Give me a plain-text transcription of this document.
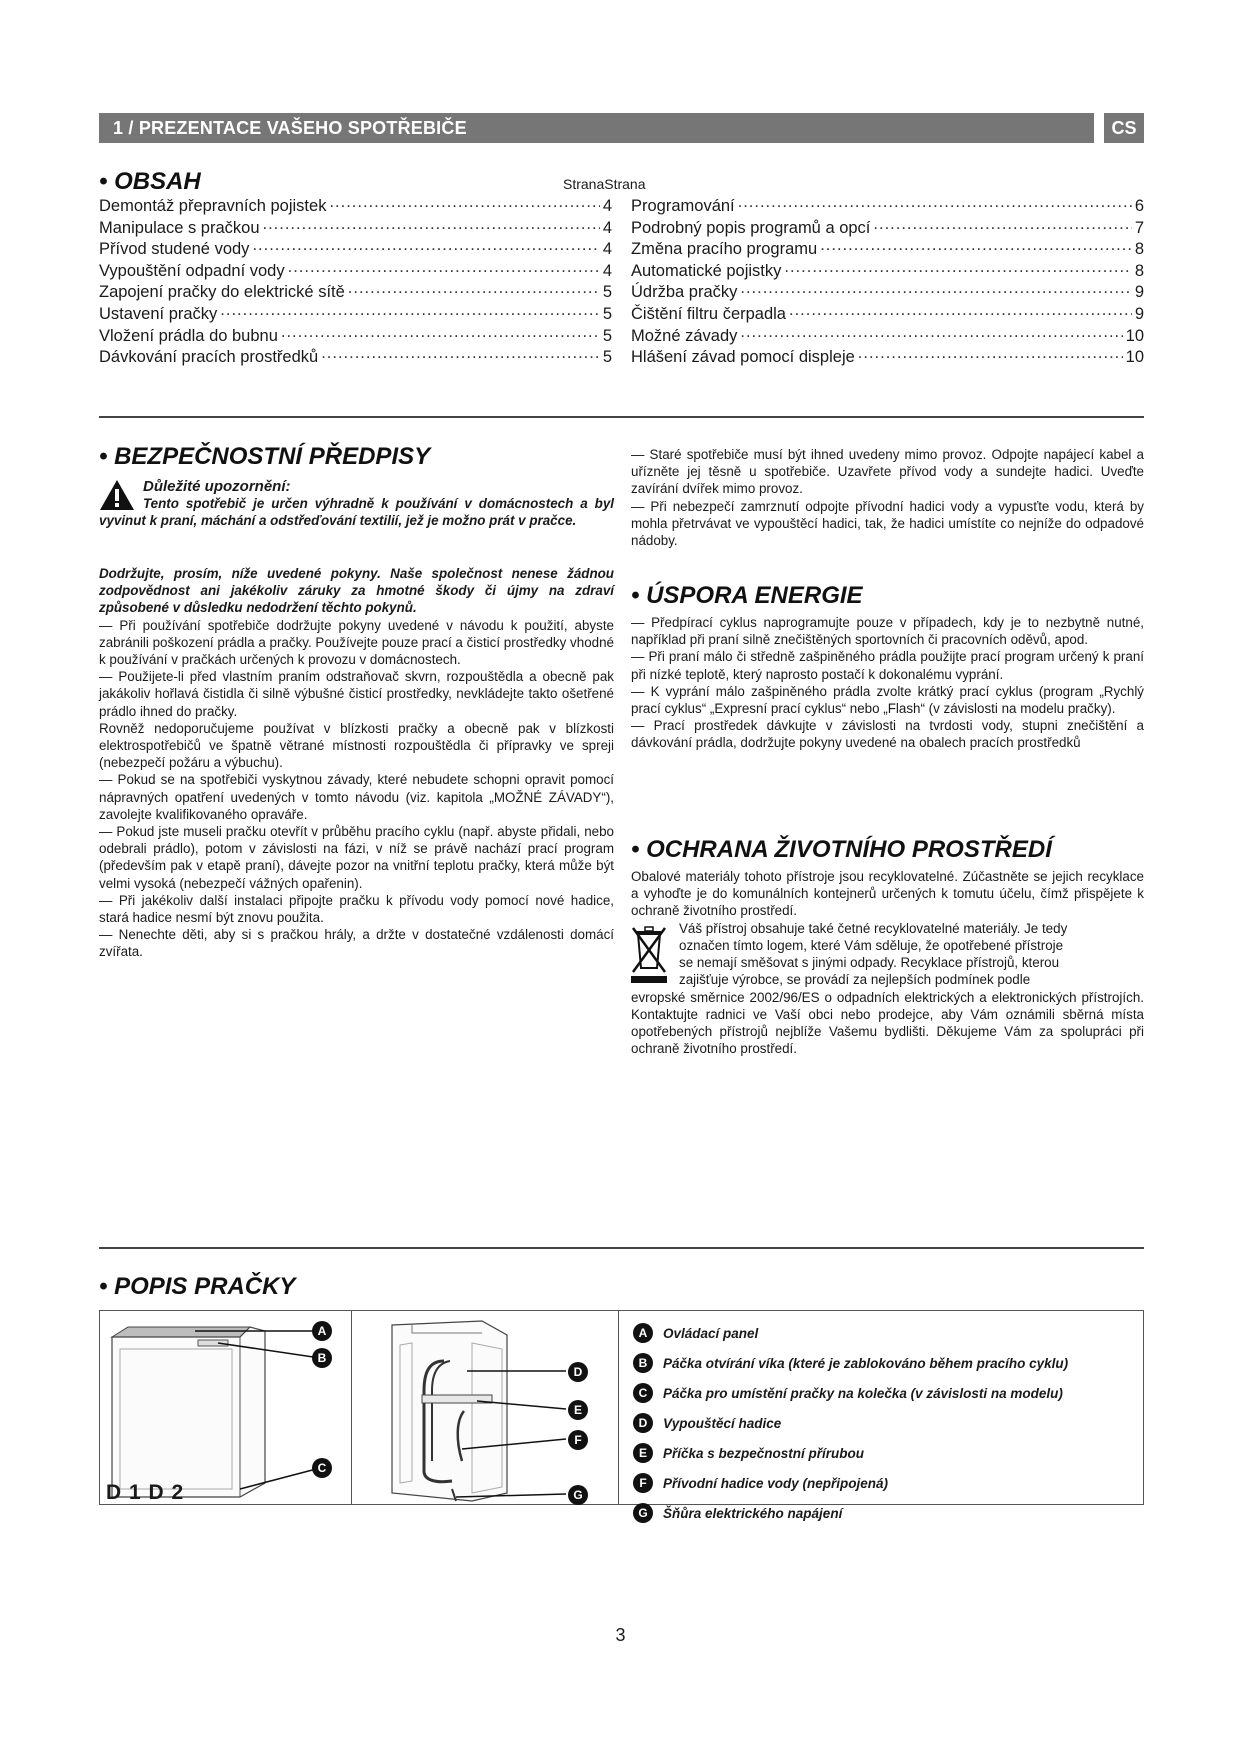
1 / PREZENTACE VAŠEHO SPOTŘEBIČE	CS
• OBSAH	StranaStrana
Demontáž přepravních pojistek .....	4
Manipulace s pračkou .....	4
Přívod studené vody .....	4
Vypouštění odpadní vody .....	4
Zapojení pračky do elektrické sítě .....	5
Ustavení pračky .....	5
Vložení prádla do bubnu .....	5
Dávkování pracích prostředků .....	5
Programování .....	6
Podrobný popis programů a opcí .....	7
Změna pracího programu .....	8
Automatické pojistky .....	8
Údržba pračky .....	9
Čištění filtru čerpadla .....	9
Možné závady .....	10
Hlášení závad pomocí displeje .....	10
• BEZPEČNOSTNÍ PŘEDPISY
Důležité upozornění:
Tento spotřebič je určen výhradně k používání v domácnostech a byl vyvinut k praní, máchání a odstřeďování textilií, jež je možno prát v pračce.
Dodržujte, prosím, níže uvedené pokyny. Naše společnost nenese žádnou zodpovědnost ani jakékoliv záruky za hmotné škody či újmy na zdraví způsobené v důsledku nedodržení těchto pokynů.

— Při používání spotřebiče dodržujte pokyny uvedené v návodu k použití, abyste zabránili poškození prádla a pračky. Používejte pouze prací a čisticí prostředky vhodné k používání v pračkách určených k provozu v domácnostech.

— Použijete-li před vlastním praním odstraňovač skvrn, rozpouštědla a obecně pak jakákoliv hořlavá čistidla či silně výbušné čisticí prostředky, nevkládejte takto ošetřené prádlo ihned do pračky.

Rovněž nedoporučujeme používat v blízkosti pračky a obecně pak v blízkosti elektrospotřebičů ve špatně větrané místnosti rozpouštědla či přípravky ve spreji (nebezpečí požáru a výbuchu).

— Pokud se na spotřebiči vyskytnou závady, které nebudete schopni opravit pomocí nápravných opatření uvedených v tomto návodu (viz. kapitola „MOŽNÉ ZÁVADY“), zavolejte kvalifikovaného opraváře.

— Pokud jste museli pračku otevřít v průběhu pracího cyklu (např. abyste přidali, nebo odebrali prádlo), potom v závislosti na fázi, v níž se právě nachází prací program (především pak v etapě praní), dávejte pozor na vnitřní teplotu pračky, která může být velmi vysoká (nebezpečí vážných opařenin).

— Při jakékoliv další instalaci připojte pračku k přívodu vody pomocí nové hadice, stará hadice nesmí být znovu použita.

— Nenechte děti, aby si s pračkou hrály, a držte v dostatečné vzdálenosti domácí zvířata.

— Staré spotřebiče musí být ihned uvedeny mimo provoz. Odpojte napájecí kabel a uřízněte jej těsně u spotřebiče. Uzavřete přívod vody a sundejte hadici. Uveďte zavírání dvířek mimo provoz.

— Při nebezpečí zamrznutí odpojte přívodní hadici vody a vypusťte vodu, která by mohla přetrvávat ve vypouštěcí hadici, tak, že hadici umístíte co nejníže do odpadové nádoby.

• ÚSPORA ENERGIE

— Předpírací cyklus naprogramujte pouze v případech, kdy je to nezbytně nutné, například při praní silně znečištěných sportovních či pracovních oděvů, apod.

— Při praní málo či středně zašpiněného prádla použijte prací program určený k praní při nízké teplotě, který naprosto postačí k dokonalému vyprání.

— K vyprání málo zašpiněného prádla zvolte krátký prací cyklus (program „Rychlý prací cyklus“ „Expresní prací cyklus“ nebo „Flash“ (v závislosti na modelu pračky).

— Prací prostředek dávkujte v závislosti na tvrdosti vody, stupni znečištění a dávkování prádla, dodržujte pokyny uvedené na obalech pracích prostředků

• OCHRANA ŽIVOTNÍHO PROSTŘEDÍ
Obalové materiály tohoto přístroje jsou recyklovatelné. Zúčastněte se jejich recyklace a vyhoďte je do komunálních kontejnerů určených k tomutu účelu, čímž přispějete k ochraně životního prostředí.
Váš přístroj obsahuje také četné recyklovatelné materiály. Je tedy
označen tímto logem, které Vám sděluje, že opotřebené přístroje
se nemají směšovat s jinými odpady. Recyklace přístrojů, kterou
zajišťuje výrobce, se provádí za nejlepších podmínek podle
evropské směrnice 2002/96/ES o odpadních elektrických a elektronických přístrojích. Kontaktujte radnici ve Vaší obci nebo prodejce, aby Vám oznámili sběrná místa opotřebených přístrojů nejblíže Vašemu bydlišti. Děkujeme Vám za spolupráci při ochraně životního prostředí.
• POPIS PRAČKY
A
B
C
D 1 D 2
D
E
F
G
A	Ovládací panel
B	Páčka otvírání víka (které je zablokováno během pracího cyklu)
C	Páčka pro umístění pračky na kolečka (v závislosti na modelu)
D	Vypouštěcí hadice
E	Příčka s bezpečnostní přírubou
F	Přívodní hadice vody (nepřipojená)
G	Šňůra elektrického napájení
3
